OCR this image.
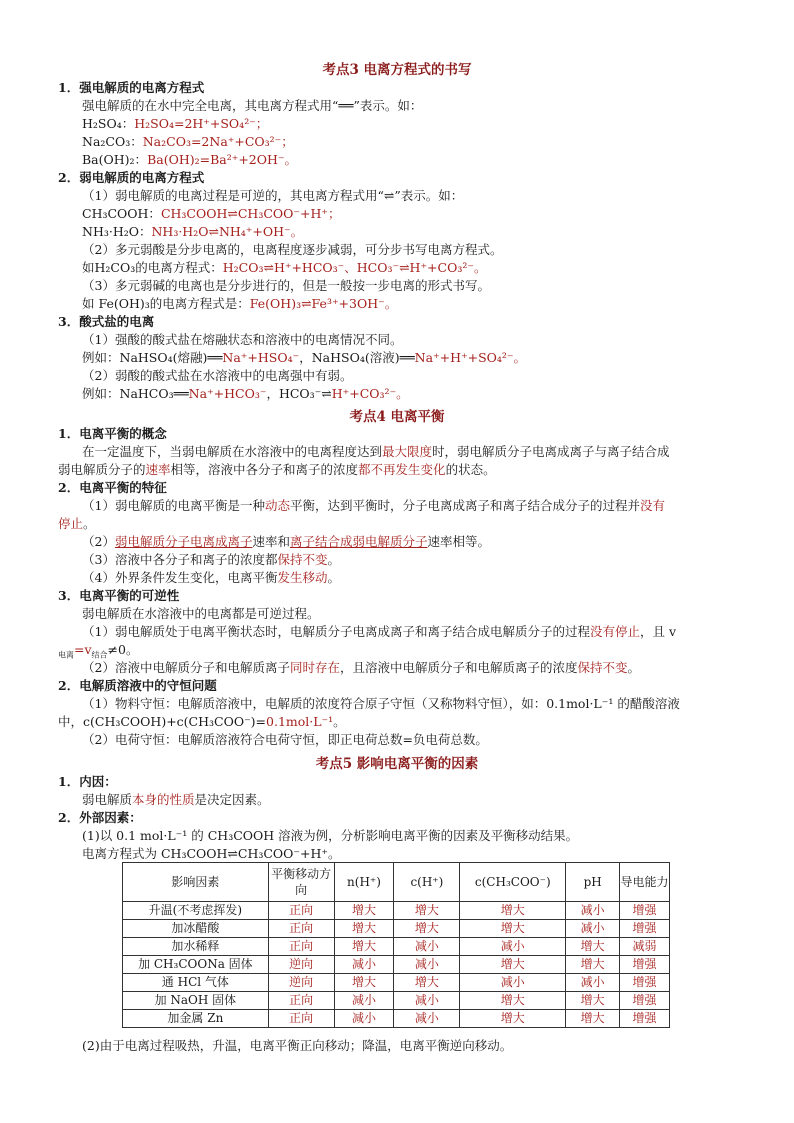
考点3 电离方程式的书写
1．强电解质的电离方程式
强电解质的在水中完全电离，其电离方程式用“══”表示。如：
H₂SO₄：H₂SO₄=2H⁺+SO₄²⁻；
Na₂CO₃：Na₂CO₃=2Na⁺+CO₃²⁻；
Ba(OH)₂：Ba(OH)₂=Ba²⁺+2OH⁻。
2．弱电解质的电离方程式
（1）弱电解质的电离过程是可逆的，其电离方程式用“⇌”表示。如：
CH₃COOH：CH₃COOH⇌CH₃COO⁻+H⁺；
NH₃·H₂O：NH₃·H₂O⇌NH₄⁺+OH⁻。
（2）多元弱酸是分步电离的，电离程度逐步减弱，可分步书写电离方程式。
如H₂CO₃的电离方程式：H₂CO₃⇌H⁺+HCO₃⁻、HCO₃⁻⇌H⁺+CO₃²⁻。
（3）多元弱碱的电离也是分步进行的，但是一般按一步电离的形式书写。
如 Fe(OH)₃的电离方程式是：Fe(OH)₃⇌Fe³⁺+3OH⁻。
3．酸式盐的电离
（1）强酸的酸式盐在熔融状态和溶液中的电离情况不同。
例如：NaHSO₄(熔融)══Na⁺+HSO₄⁻，NaHSO₄(溶液)══Na⁺+H⁺+SO₄²⁻。
（2）弱酸的酸式盐在水溶液中的电离强中有弱。
例如：NaHCO₃══Na⁺+HCO₃⁻，HCO₃⁻⇌H⁺+CO₃²⁻。
考点4 电离平衡
1．电离平衡的概念
在一定温度下，当弱电解质在水溶液中的电离程度达到最大限度时，弱电解质分子电离成离子与离子结合成
弱电解质分子的速率相等，溶液中各分子和离子的浓度都不再发生变化的状态。
2．电离平衡的特征
（1）弱电解质的电离平衡是一种动态平衡，达到平衡时，分子电离成离子和离子结合成分子的过程并没有
停止。
（2）弱电解质分子电离成离子速率和离子结合成弱电解质分子速率相等。
（3）溶液中各分子和离子的浓度都保持不变。
（4）外界条件发生变化，电离平衡发生移动。
3．电离平衡的可逆性
弱电解质在水溶液中的电离都是可逆过程。
（1）弱电解质处于电离平衡状态时，电解质分子电离成离子和离子结合成电解质分子的过程没有停止，且 v
$_{电离}=v_{结合}\ne 0$。
（2）溶液中电解质分子和电解质离子同时存在，且溶液中电解质分子和电解质离子的浓度保持不变。
2．电解质溶液中的守恒问题
（1）物料守恒：电解质溶液中，电解质的浓度符合原子守恒（又称物料守恒），如：0.1mol·L⁻¹ 的醋酸溶液
中，c(CH₃COOH)+c(CH₃COO⁻)=0.1mol·L⁻¹。
（2）电荷守恒：电解质溶液符合电荷守恒，即正电荷总数=负电荷总数。
考点5 影响电离平衡的因素
1．内因：
弱电解质本身的性质是决定因素。
2．外部因素：
(1)以 0.1 mol·L⁻¹ 的 CH₃COOH 溶液为例，分析影响电离平衡的因素及平衡移动结果。
电离方程式为 CH₃COOH⇌CH₃COO⁻+H⁺。
影响因素	平衡移动方向	n(H⁺)	c(H⁺)	c(CH₃COO⁻)	pH	导电能力
升温(不考虑挥发)	正向	增大	增大	增大	减小	增强
加冰醋酸	正向	增大	增大	增大	减小	增强
加水稀释	正向	增大	减小	减小	增大	减弱
加 CH₃COONa 固体	逆向	减小	减小	增大	增大	增强
通 HCl 气体	逆向	增大	增大	减小	减小	增强
加 NaOH 固体	正向	减小	减小	增大	增大	增强
加金属 Zn	正向	减小	减小	增大	增大	增强
(2)由于电离过程吸热，升温，电离平衡正向移动；降温，电离平衡逆向移动。
